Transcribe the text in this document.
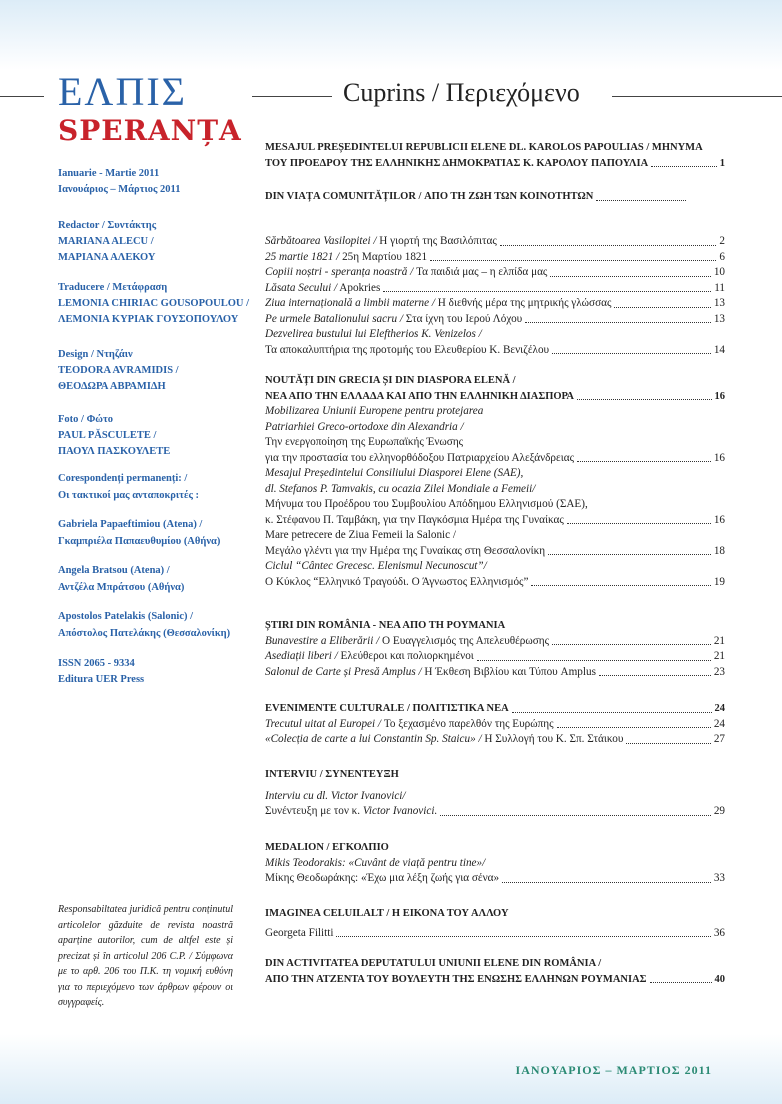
Cuprins / Περιεχόμενο
ΕΛΠΙΣ
SPERANȚA
Ianuarie - Martie 2011
Ιανουάριος – Μάρτιος 2011
Redactor / Συντάκτης
MARIANA ALECU /
ΜΑΡΙΑΝΑ ΑΛΕΚΟΥ
Traducere / Μετάφραση
LEMONIA CHIRIAC GOUSOPOULOU /
ΛΕΜΟΝΙΑ ΚΥΡΙΑΚ ΓΟΥΣΟΠΟΥΛΟΥ
Design / Ντηζάιν
TEODORA AVRAMIDIS /
ΘΕΟΔΩΡΑ ΑΒΡΑΜΙΔΗ
Foto / Φώτο
PAUL PĂSCULETE /
ΠΑΟΥΛ ΠΑΣΚΟΥΛΕΤΕ
Corespondenți permanenți: /
Οι τακτικοί μας ανταποκριτές :
Gabriela Papaeftimiou (Atena) /
Γκαμπριέλα Παπαευθυμίου (Αθήνα)
Angela Bratsou (Atena) /
Αντζέλα Μπράτσου (Αθήνα)
Apostolos Patelakis (Salonic) /
Απόστολος Πατελάκης (Θεσσαλονίκη)
ISSN 2065 - 9334
Editura UER Press
Responsabiltatea juridică pentru conținutul articolelor găzduite de revista noastră aparține autorilor, cum de altfel este și precizat și în articolul 206 C.P. / Σύμφωνα με το αρθ. 206 του Π.Κ. τη νομική ευθύνη για το περιεχόμενο των άρθρων φέρουν οι συγγραφείς.
MESAJUL PREȘEDINTELUI REPUBLICII ELENE DL. KAROLOS PAPOULIAS / ΜΗΝΥΜΑ
ΤΟΥ ΠΡΟΕΔΡΟΥ ΤΗΣ ΕΛΛΗΝΙΚΗΣ ΔΗΜΟΚΡΑΤΙΑΣ Κ. ΚΑΡΟΛΟΥ ΠΑΠΟΥΛΙΑ	1
DIN VIAȚA COMUNITĂȚILOR / ΑΠΟ ΤΗ ΖΩΗ ΤΩΝ ΚΟΙΝΟΤΗΤΩΝ
Sărbătoarea Vasilopitei / Η γιορτή της Βασιλόπιτας	2
25 martie 1821 / 25η Μαρτίου 1821	6
Copiii noștri - speranța noastră / Τα παιδιά μας – η ελπίδα μας	10
Lăsata Secului / Apokries	11
Ziua internațională a limbii materne / Η διεθνής μέρα της μητρικής γλώσσας	13
Pe urmele Batalionului sacru / Στα ίχνη του Ιερού Λόχου	13
Dezvelirea bustului lui Eleftherios K. Venizelos /
Τα αποκαλυπτήρια της προτομής του Ελευθερίου Κ. Βενιζέλου	14
NOUTĂȚI DIN GRECIA ȘI DIN DIASPORA ELENĂ /
ΝΕΑ ΑΠΟ ΤΗΝ ΕΛΛΑΔΑ ΚΑΙ ΑΠΟ ΤΗΝ ΕΛΛΗΝΙΚΗ ΔΙΑΣΠΟΡΑ	16
Mobilizarea Uniunii Europene pentru protejarea
Patriarhiei Greco-ortodoxe din Alexandria /
Την ενεργοποίηση της Ευρωπαϊκής Ένωσης
για την προστασία του ελληνορθόδοξου Πατριαρχείου Αλεξάνδρειας	16
Mesajul Președintelui Consiliului Diasporei Elene (SAE),
dl. Stefanos P. Tamvakis, cu ocazia Zilei Mondiale a Femeii/
Μήνυμα του Προέδρου του Συμβουλίου Απόδημου Ελληνισμού (ΣΑΕ),
κ. Στέφανου Π. Ταμβάκη, για την Παγκόσμια Ημέρα της Γυναίκας	16
Mare petrecere de Ziua Femeii la Salonic /
Μεγάλο γλέντι για την Ημέρα της Γυναίκας στη Θεσσαλονίκη	18
Ciclul “Cântec Grecesc. Elenismul Necunoscut”/
Ο Κύκλος “Ελληνικό Τραγούδι. Ο Άγνωστος Ελληνισμός”	19
ȘTIRI DIN ROMÂNIA - ΝΕΑ ΑΠΟ ΤΗ ΡΟΥΜΑΝΙΑ
Bunavestire a Eliberării / Ο Ευαγγελισμός της Απελευθέρωσης	21
Asediații liberi / Ελεύθεροι και πολιορκημένοι	21
Salonul de Carte și Presă Amplus / Η Έκθεση Βιβλίου και Τύπου Amplus	23
EVENIMENTE CULTURALE / ΠΟΛΙΤΙΣΤΙΚΑ ΝΕΑ	24
Trecutul uitat al Europei / Το ξεχασμένο παρελθόν της Ευρώπης	24
«Colecția de carte a lui Constantin Sp. Staicu» / Η Συλλογή του Κ. Σπ. Στάικου	27
INTERVIU / ΣΥΝΕΝΤΕΥΞΗ
Interviu cu dl. Victor Ivanovici/
Συνέντευξη με τον κ. Victor Ivanovici.	29
MEDALION / ΕΓΚΟΛΠΙΟ
Mikis Teodorakis: «Cuvânt de viață pentru tine»/
Μίκης Θεοδωράκης: «Έχω μια λέξη ζωής για σένα»	33
IMAGINEA CELUILALT / Η ΕΙΚΟΝΑ ΤΟΥ ΑΛΛΟΥ
Georgeta Filitti	36
DIN ACTIVITATEA DEPUTATULUI UNIUNII ELENE DIN ROMÂNIA /
ΑΠΟ ΤΗΝ ΑΤΖΕΝΤΑ ΤΟΥ ΒΟΥΛΕΥΤΗ ΤΗΣ ΕΝΩΣΗΣ ΕΛΛΗΝΩΝ ΡΟΥΜΑΝΙΑΣ	40
ΙΑΝΟΥΑΡΙΟΣ – ΜΑΡΤΙΟΣ 2011
